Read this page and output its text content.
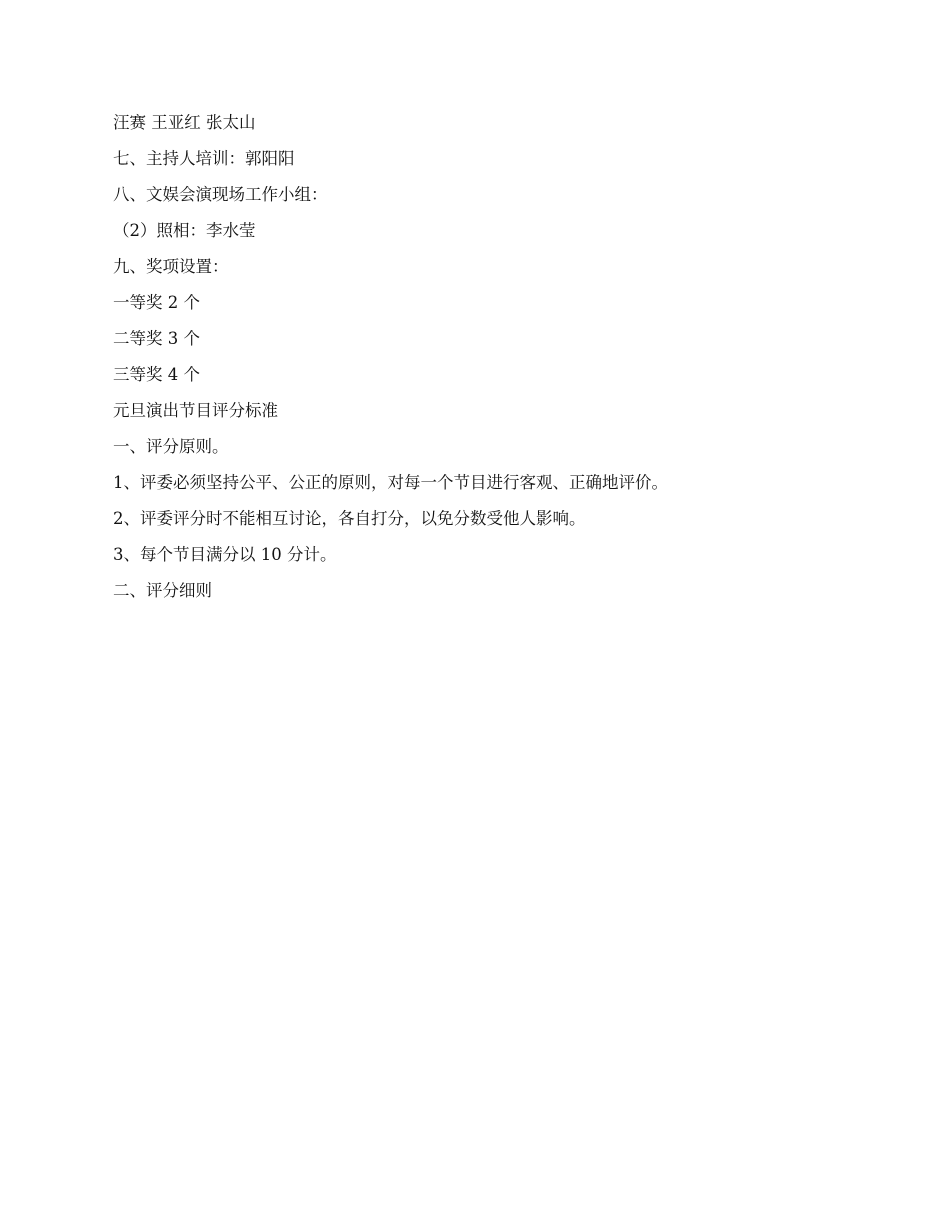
汪赛 王亚红 张太山
七、主持人培训：郭阳阳
八、文娱会演现场工作小组：
（2）照相：李水莹
九、奖项设置：
一等奖 2 个
二等奖 3 个
三等奖 4 个
元旦演出节目评分标准
一、评分原则。
1、评委必须坚持公平、公正的原则，对每一个节目进行客观、正确地评价。
2、评委评分时不能相互讨论，各自打分，以免分数受他人影响。
3、每个节目满分以 10 分计。
二、评分细则
